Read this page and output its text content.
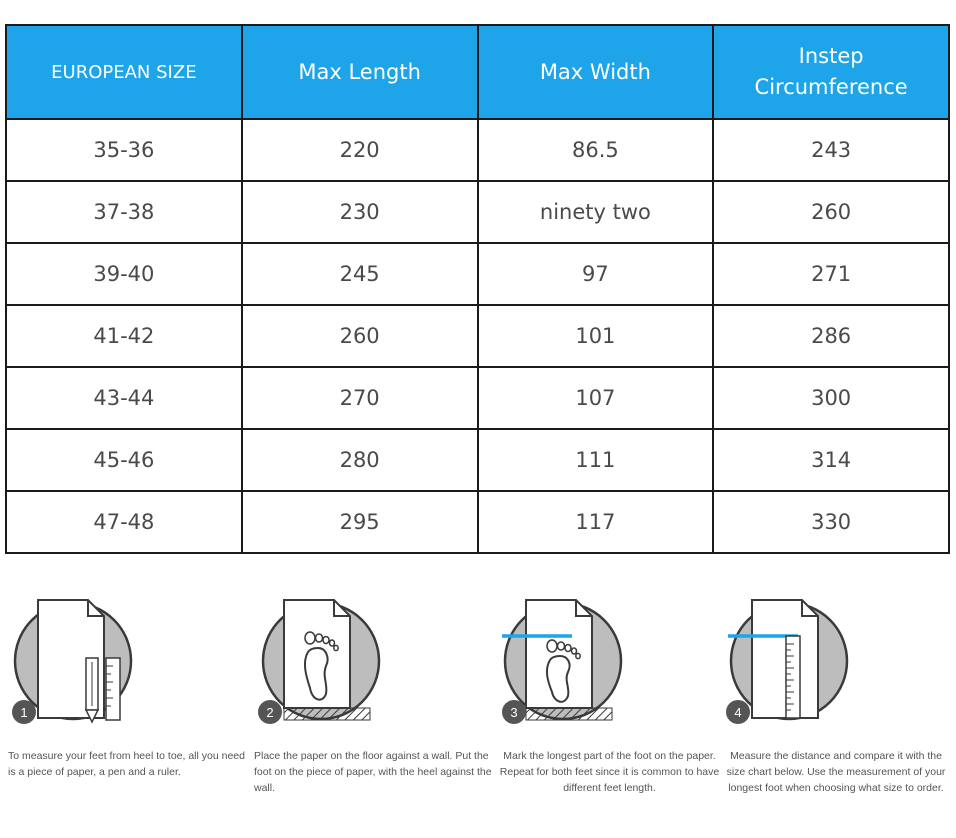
EUROPEAN SIZE	Max Length	Max Width	Instep
Circumference
35-36	220	86.5	243
37-38	230	ninety two	260
39-40	245	97	271
41-42	260	101	286
43-44	270	107	300
45-46	280	111	314
47-48	295	117	330
1
To measure your feet from heel to toe, all you need
is a piece of paper, a pen and a ruler.
2
Place the paper on the floor against a wall. Put the
foot on the piece of paper, with the heel against the
wall.
3
Mark the longest part of the foot on the paper.
Repeat for both feet since it is common to have
different feet length.
4
Measure the distance and compare it with the
size chart below. Use the measurement of your
longest foot when choosing what size to order.
